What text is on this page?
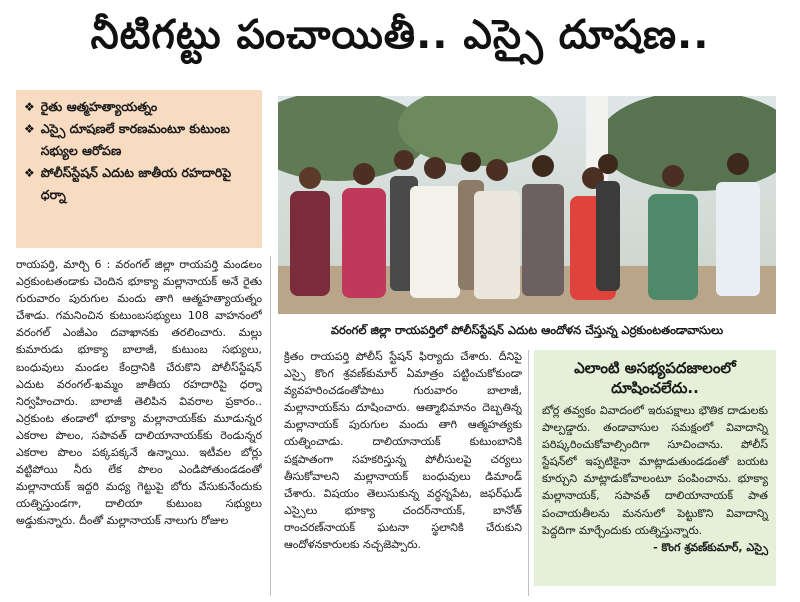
నీటిగట్టు పంచాయితీ.. ఎస్సై దూషణ..
❖ రైతు ఆత్మహత్యాయత్నం
❖ ఎస్సై దూషణలే కారణమంటూ కుటుంబ సభ్యుల ఆరోపణ
❖ పోలీస్‌స్టేషన్ ఎదుట జాతీయ రహదారిపై ధర్నా
వరంగల్ జిల్లా రాయపర్తిలో పోలీస్‌స్టేషన్ ఎదుట ఆందోళన చేస్తున్న ఎర్రకుంటతండావాసులు
రాయపర్తి, మార్చి 6 : వరంగల్ జిల్లా రాయపర్తి మండలం ఎర్రకుంటతండాకు చెందిన భూక్యా మల్లానాయక్ అనే రైతు గురువారం పురుగుల మందు తాగి ఆత్మహత్యాయత్నం చేశాడు. గమనించిన కుటుంబసభ్యులు 108 వాహనంలో వరంగల్ ఎంజీఎం దవాఖానకు తరలించారు. మల్లు కుమారుడు భూక్యా బాలాజీ, కుటుంబ సభ్యులు, బంధువులు మండల కేంద్రానికి చేరుకొని పోలీస్‌స్టేషన్ ఎదుట వరంగల్-ఖమ్మం జాతీయ రహదారిపై ధర్నా నిర్వహించారు. బాలాజీ తెలిపిన వివరాల ప్రకారం.. ఎర్రకుంట తండాలో భూక్యా మల్లానాయక్‌కు మూడున్నర ఎకరాల పొలం, సపావత్ దాలియానాయక్‌కు రెండున్నర ఎకరాల పొలం పక్కపక్కనే ఉన్నాయి. ఇటీవల బోర్లు వట్టిపోయి నీరు లేక పొలం ఎండిపోతుండడంతో మల్లానాయక్ ఇద్దరి మధ్య గెట్టుపై బోరు వేసుకునేందుకు యత్నిస్తుండగా, దాలియా కుటుంబ సభ్యులు అడ్డుకున్నారు. దీంతో మల్లానాయక్ నాలుగు రోజుల
క్రితం రాయపర్తి పోలీస్ స్టేషన్ ఫిర్యాదు చేశారు. దీనిపై ఎస్సై కొంగ శ్రవణ్‌కుమార్ ఏమాత్రం పట్టించుకోకుండా వ్యవహరించడంతోపాటు గురువారం బాలాజీ, మల్లానాయక్‌ను దూషించారు. ఆత్మాభిమానం దెబ్బతిన్న మల్లానాయక్ పురుగుల మందు తాగి ఆత్మహత్యకు యత్నించాడు. దాలియానాయక్ కుటుంబానికి పక్షపాతంగా సహకరిస్తున్న పోలీసులపై చర్యలు తీసుకోవాలని మల్లానాయక్ బంధువులు డిమాండ్ చేశారు. విషయం తెలుసుకున్న వర్ధన్నపేట, జఫర్‌ఘడ్ ఎస్సైలు భూక్యా చందర్‌నాయక్, బానోత్ రాంచరణ్‌నాయక్ ఘటనా స్థలానికి చేరుకుని ఆందోళనకారులకు నచ్చజెప్పారు.
ఎలాంటి అసభ్యపదజాలంలో దూషించలేదు..
బోర్ల తవ్వకం వివాదంలో ఇరుపక్షాలు భౌతిక దాడులకు పాల్పడ్డారు. తండావాసుల సమక్షంలో వివాదాన్ని పరిష్కరించుకోవాల్సిందిగా సూచించాను. పోలీస్ స్టేషన్‌లో ఇప్పటికైనా మాట్లాడుతుండడంతో బయట కూర్చుని మాట్లాడుకోవాలంటూ పంపించాను. భూక్యా మల్లానాయక్, సపావత్ దాలియానాయక్ పాత పంచాయతీలను మనసులో పెట్టుకొని వివాదాన్ని పెద్దదిగా మార్చేందుకు యత్నిస్తున్నారు.
- కొంగ శ్రవణ్‌కుమార్, ఎస్సై
